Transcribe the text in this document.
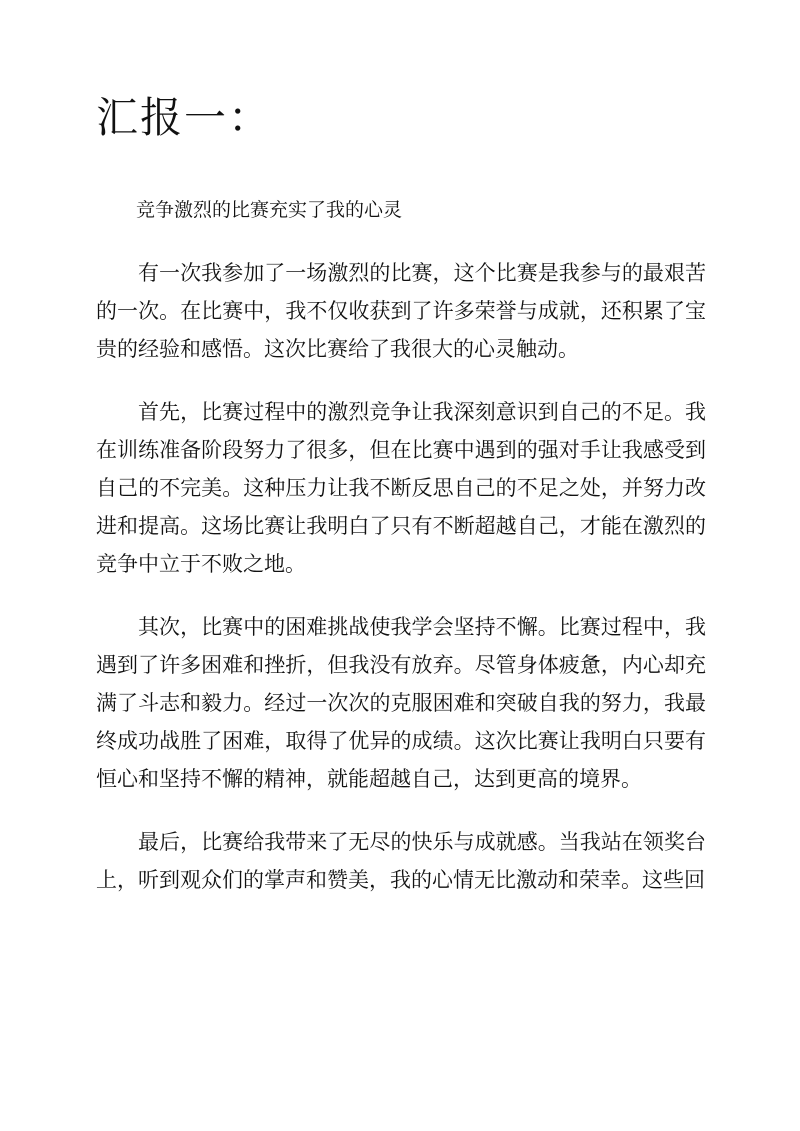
汇报一：

竞争激烈的比赛充实了我的心灵

有一次我参加了一场激烈的比赛，这个比赛是我参与的最艰苦的一次。在比赛中，我不仅收获到了许多荣誉与成就，还积累了宝贵的经验和感悟。这次比赛给了我很大的心灵触动。

首先，比赛过程中的激烈竞争让我深刻意识到自己的不足。我在训练准备阶段努力了很多，但在比赛中遇到的强对手让我感受到自己的不完美。这种压力让我不断反思自己的不足之处，并努力改进和提高。这场比赛让我明白了只有不断超越自己，才能在激烈的竞争中立于不败之地。

其次，比赛中的困难挑战使我学会坚持不懈。比赛过程中，我遇到了许多困难和挫折，但我没有放弃。尽管身体疲惫，内心却充满了斗志和毅力。经过一次次的克服困难和突破自我的努力，我最终成功战胜了困难，取得了优异的成绩。这次比赛让我明白只要有恒心和坚持不懈的精神，就能超越自己，达到更高的境界。

最后，比赛给我带来了无尽的快乐与成就感。当我站在领奖台上，听到观众们的掌声和赞美，我的心情无比激动和荣幸。这些回
